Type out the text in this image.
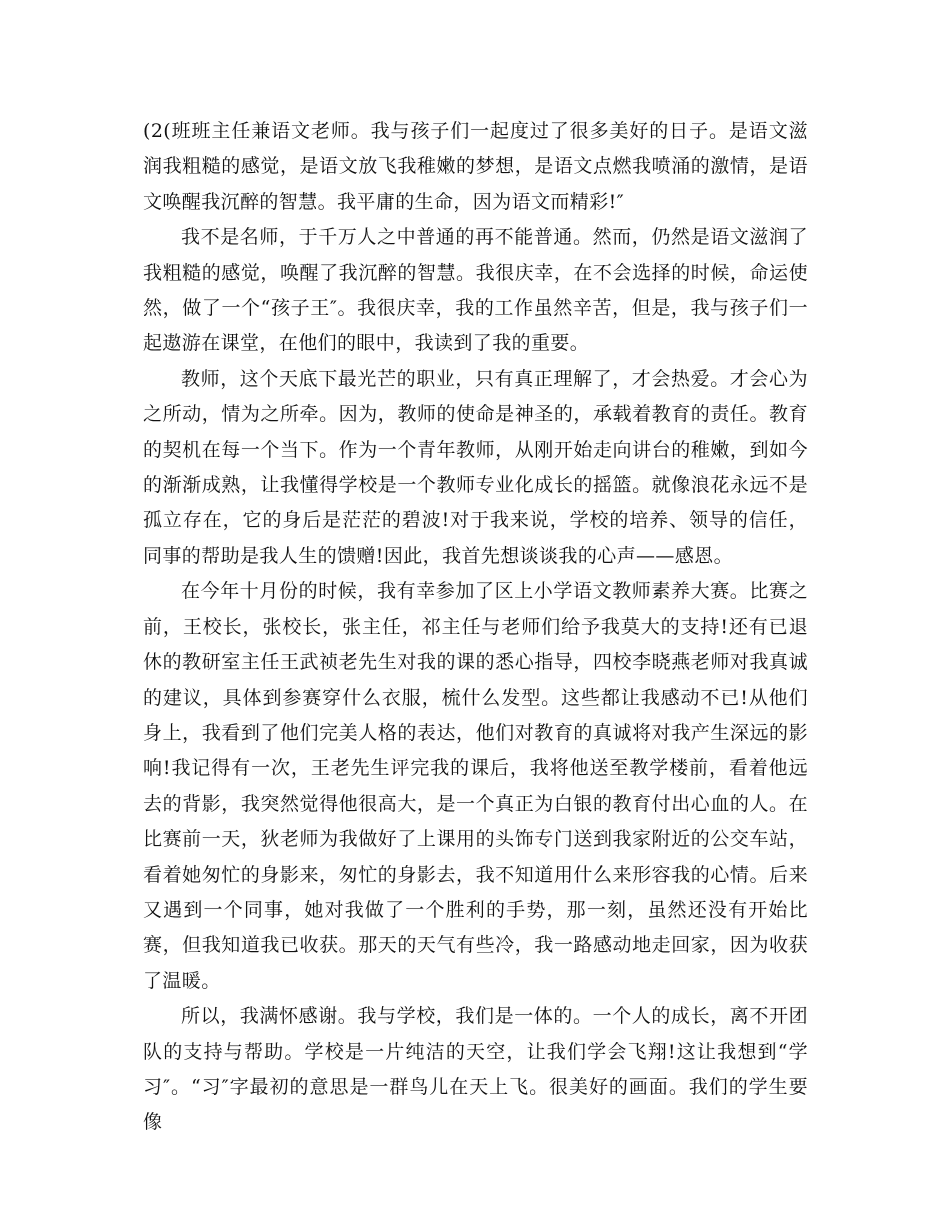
(2(班班主任兼语文老师。我与孩子们一起度过了很多美好的日子。是语文滋润我粗糙的感觉，是语文放飞我稚嫩的梦想，是语文点燃我喷涌的激情，是语文唤醒我沉醉的智慧。我平庸的生命，因为语文而精彩!″

我不是名师，于千万人之中普通的再不能普通。然而，仍然是语文滋润了我粗糙的感觉，唤醒了我沉醉的智慧。我很庆幸，在不会选择的时候，命运使然，做了一个“孩子王″。我很庆幸，我的工作虽然辛苦，但是，我与孩子们一起遨游在课堂，在他们的眼中，我读到了我的重要。

教师，这个天底下最光芒的职业，只有真正理解了，才会热爱。才会心为之所动，情为之所牵。因为，教师的使命是神圣的，承载着教育的责任。教育的契机在每一个当下。作为一个青年教师，从刚开始走向讲台的稚嫩，到如今的渐渐成熟，让我懂得学校是一个教师专业化成长的摇篮。就像浪花永远不是孤立存在，它的身后是茫茫的碧波!对于我来说，学校的培养、领导的信任，同事的帮助是我人生的馈赠!因此，我首先想谈谈我的心声——感恩。

在今年十月份的时候，我有幸参加了区上小学语文教师素养大赛。比赛之前，王校长，张校长，张主任，祁主任与老师们给予我莫大的支持!还有已退休的教研室主任王武祯老先生对我的课的悉心指导，四校李晓燕老师对我真诚的建议，具体到参赛穿什么衣服，梳什么发型。这些都让我感动不已!从他们身上，我看到了他们完美人格的表达，他们对教育的真诚将对我产生深远的影响!我记得有一次，王老先生评完我的课后，我将他送至教学楼前，看着他远去的背影，我突然觉得他很高大，是一个真正为白银的教育付出心血的人。在比赛前一天，狄老师为我做好了上课用的头饰专门送到我家附近的公交车站，看着她匆忙的身影来，匆忙的身影去，我不知道用什么来形容我的心情。后来又遇到一个同事，她对我做了一个胜利的手势，那一刻，虽然还没有开始比赛，但我知道我已收获。那天的天气有些冷，我一路感动地走回家，因为收获了温暖。

所以，我满怀感谢。我与学校，我们是一体的。一个人的成长，离不开团队的支持与帮助。学校是一片纯洁的天空，让我们学会飞翔!这让我想到“学习″。“习″字最初的意思是一群鸟儿在天上飞。很美好的画面。我们的学生要像
